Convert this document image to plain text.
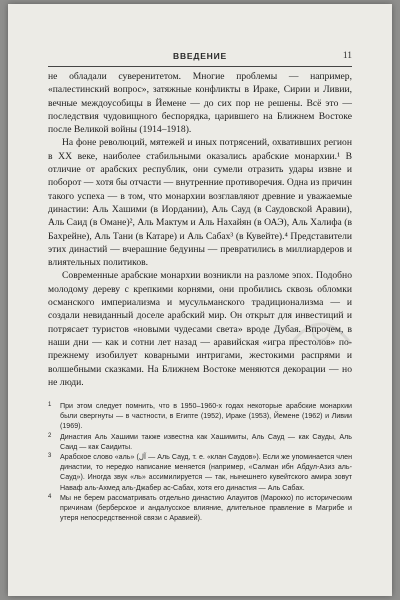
ВВЕДЕНИЕ	11

не обладали суверенитетом. Многие проблемы — например, «палестинский вопрос», затяжные конфликты в Ираке, Сирии и Ливии, вечные междоусобицы в Йемене — до сих пор не решены. Всё это — последствия чудовищного беспорядка, царившего на Ближнем Востоке после Великой войны (1914–1918).

На фоне революций, мятежей и иных потрясений, охвативших регион в XX веке, наиболее стабильными оказались арабские монархии.¹ В отличие от арабских республик, они сумели отразить удары извне и поборот — хотя бы отчасти — внутренние противоречия. Одна из причин такого успеха — в том, что монархии возглавляют древние и уважаемые династии: Аль Хашими (в Иордании), Аль Сауд (в Саудовской Аравии), Аль Саид (в Омане)², Аль Мактум и Аль Нахайян (в ОАЭ), Аль Халифа (в Бахрейне), Аль Тани (в Катаре) и Аль Сабах³ (в Кувейте).⁴ Представители этих династий — вчерашние бедуины — превратились в миллиардеров и влиятельных политиков.

Современные арабские монархии возникли на разломе эпох. Подобно молодому дереву с крепкими корнями, они пробились сквозь обломки османского империализма и мусульманского традиционализма — и создали невиданный доселе арабский мир. Он открыт для инвестиций и потрясает туристов «новыми чудесами света» вроде Дубая. Впрочем, в наши дни — как и сотни лет назад — аравийская «игра престолов» по-прежнему изобилует коварными интригами, жестокими распрями и волшебными сказками. На Ближнем Востоке меняются декорации — но не люди.

1	При этом следует помнить, что в 1950–1960-х годах некоторые арабские монархии были свергнуты — в частности, в Египте (1952), Ираке (1953), Йемене (1962) и Ливии (1969).
2	Династия Аль Хашими также известна как Хашимиты, Аль Сауд — как Сауды, Аль Саид — как Саидиты.
3	Арабское слово «аль» (آل — Аль Сауд, т. е. «клан Саудов»). Если же упоминается член династии, то нередко написание меняется (например, «Салман ибн Абдул-Азиз аль-Сауд»). Иногда звук «ль» ассимилируется — так, нынешнего кувейтского амира зовут Наваф аль-Ахмед аль-Джабер ас-Сабах, хотя его династия — Аль Сабах.
4	Мы не берем рассматривать отдельно династию Алауитов (Марокко) по историческим причинам (берберское и андалусское влияние, длительное правление в Магрибе и утеря непосредственной связи с Аравией).
